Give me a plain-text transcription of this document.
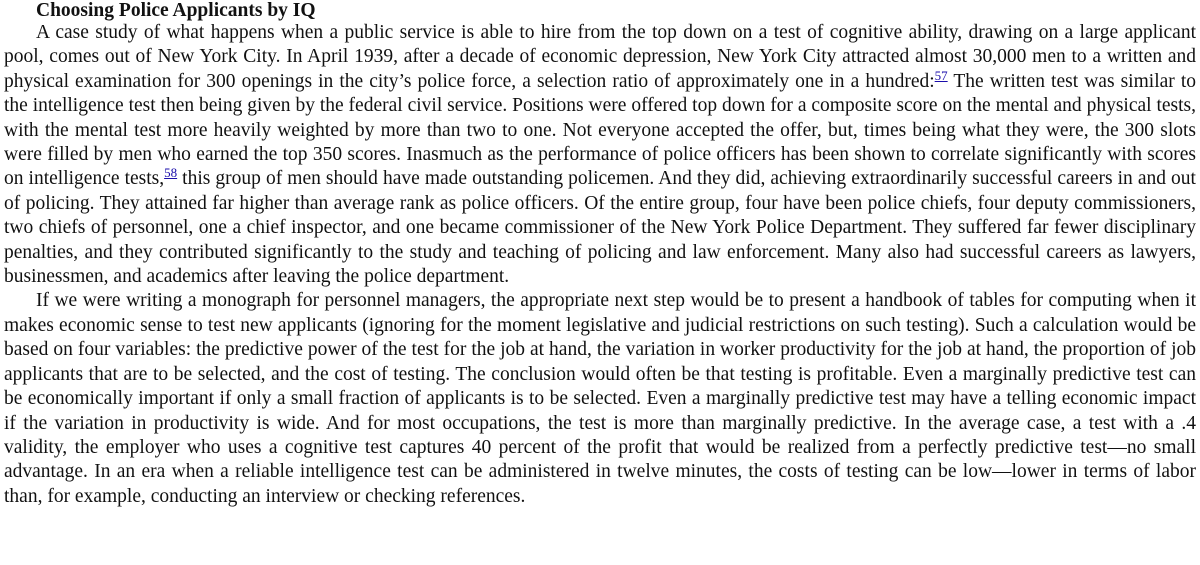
Choosing Police Applicants by IQ

A case study of what happens when a public service is able to hire from the top down on a test of cognitive ability, drawing on a large applicant pool, comes out of New York City. In April 1939, after a decade of economic depression, New York City attracted almost 30,000 men to a written and physical examination for 300 openings in the city’s police force, a selection ratio of approximately one in a hundred:$^{57}$ The written test was similar to the intelligence test then being given by the federal civil service. Positions were offered top down for a composite score on the mental and physical tests, with the mental test more heavily weighted by more than two to one. Not everyone accepted the offer, but, times being what they were, the 300 slots were filled by men who earned the top 350 scores. Inasmuch as the performance of police officers has been shown to correlate significantly with scores on intelligence tests,$^{58}$ this group of men should have made outstanding policemen. And they did, achieving extraordinarily successful careers in and out of policing. They attained far higher than average rank as police officers. Of the entire group, four have been police chiefs, four deputy commissioners, two chiefs of personnel, one a chief inspector, and one became commissioner of the New York Police Department. They suffered far fewer disciplinary penalties, and they contributed significantly to the study and teaching of policing and law enforcement. Many also had successful careers as lawyers, businessmen, and academics after leaving the police department.

If we were writing a monograph for personnel managers, the appropriate next step would be to present a handbook of tables for computing when it makes economic sense to test new applicants (ignoring for the moment legislative and judicial restrictions on such testing). Such a calculation would be based on four variables: the predictive power of the test for the job at hand, the variation in worker productivity for the job at hand, the proportion of job applicants that are to be selected, and the cost of testing. The conclusion would often be that testing is profitable. Even a marginally predictive test can be economically important if only a small fraction of applicants is to be selected. Even a marginally predictive test may have a telling economic impact if the variation in productivity is wide. And for most occupations, the test is more than marginally predictive. In the average case, a test with a .4 validity, the employer who uses a cognitive test captures 40 percent of the profit that would be realized from a perfectly predictive test—no small advantage. In an era when a reliable intelligence test can be administered in twelve minutes, the costs of testing can be low—lower in terms of labor than, for example, conducting an interview or checking references.
